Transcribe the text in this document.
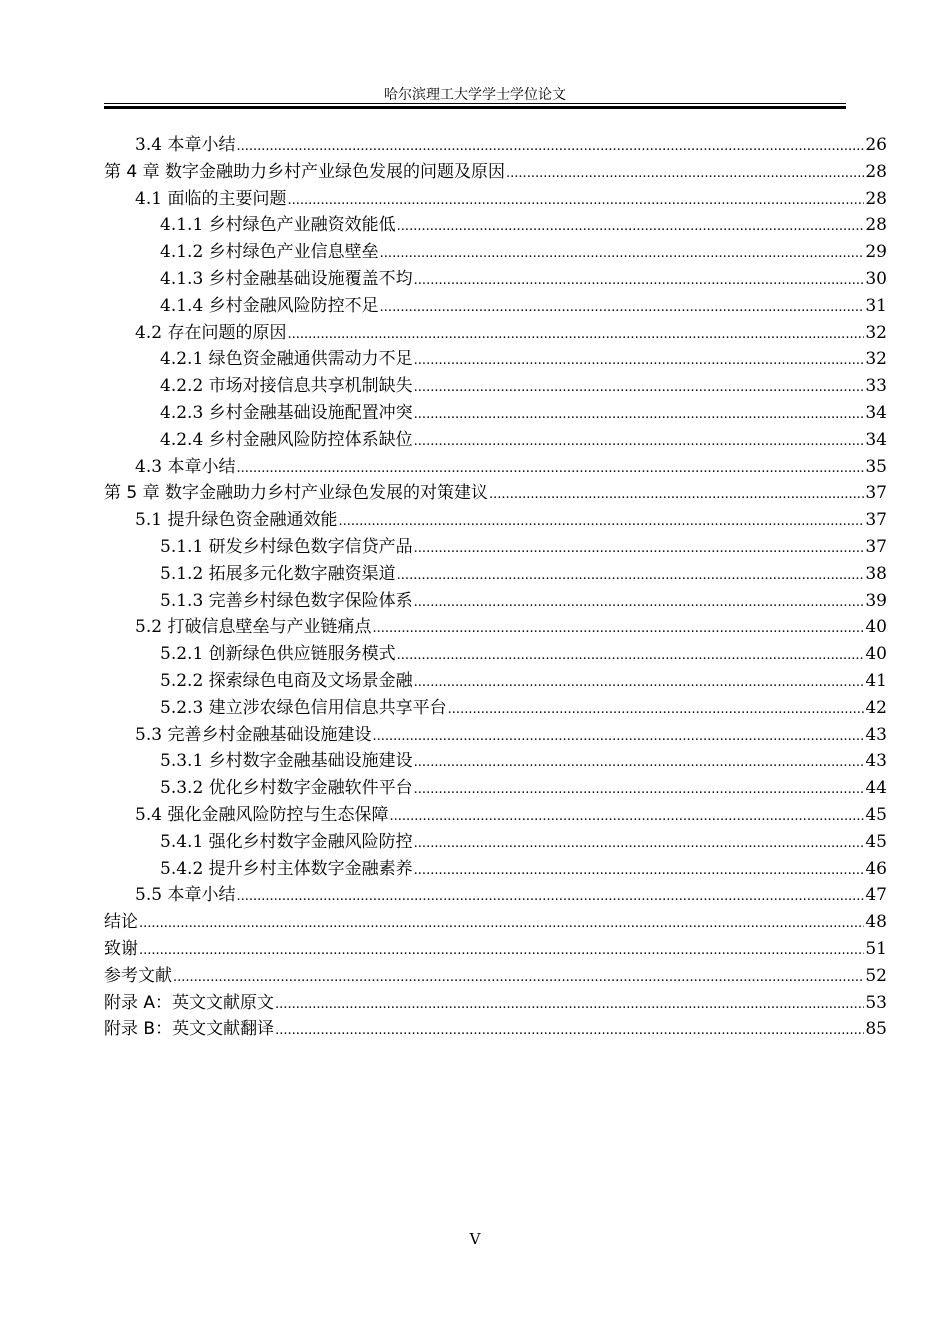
哈尔滨理工大学学士学位论文
3.4 本章小结 .....	26
第 4 章 数字金融助力乡村产业绿色发展的问题及原因 .....	28
4.1 面临的主要问题 .....	28
4.1.1 乡村绿色产业融资效能低 .....	28
4.1.2 乡村绿色产业信息壁垒 .....	29
4.1.3 乡村金融基础设施覆盖不均 .....	30
4.1.4 乡村金融风险防控不足 .....	31
4.2 存在问题的原因 .....	32
4.2.1 绿色资金融通供需动力不足 .....	32
4.2.2 市场对接信息共享机制缺失 .....	33
4.2.3 乡村金融基础设施配置冲突 .....	34
4.2.4 乡村金融风险防控体系缺位 .....	34
4.3 本章小结 .....	35
第 5 章 数字金融助力乡村产业绿色发展的对策建议 .....	37
5.1 提升绿色资金融通效能 .....	37
5.1.1 研发乡村绿色数字信贷产品 .....	37
5.1.2 拓展多元化数字融资渠道 .....	38
5.1.3 完善乡村绿色数字保险体系 .....	39
5.2 打破信息壁垒与产业链痛点 .....	40
5.2.1 创新绿色供应链服务模式 .....	40
5.2.2 探索绿色电商及文场景金融 .....	41
5.2.3 建立涉农绿色信用信息共享平台 .....	42
5.3 完善乡村金融基础设施建设 .....	43
5.3.1 乡村数字金融基础设施建设 .....	43
5.3.2 优化乡村数字金融软件平台 .....	44
5.4 强化金融风险防控与生态保障 .....	45
5.4.1 强化乡村数字金融风险防控 .....	45
5.4.2 提升乡村主体数字金融素养 .....	46
5.5 本章小结 .....	47
结论 .....	48
致谢 .....	51
参考文献 .....	52
附录 A：英文文献原文 .....	53
附录 B：英文文献翻译 .....	85
V
